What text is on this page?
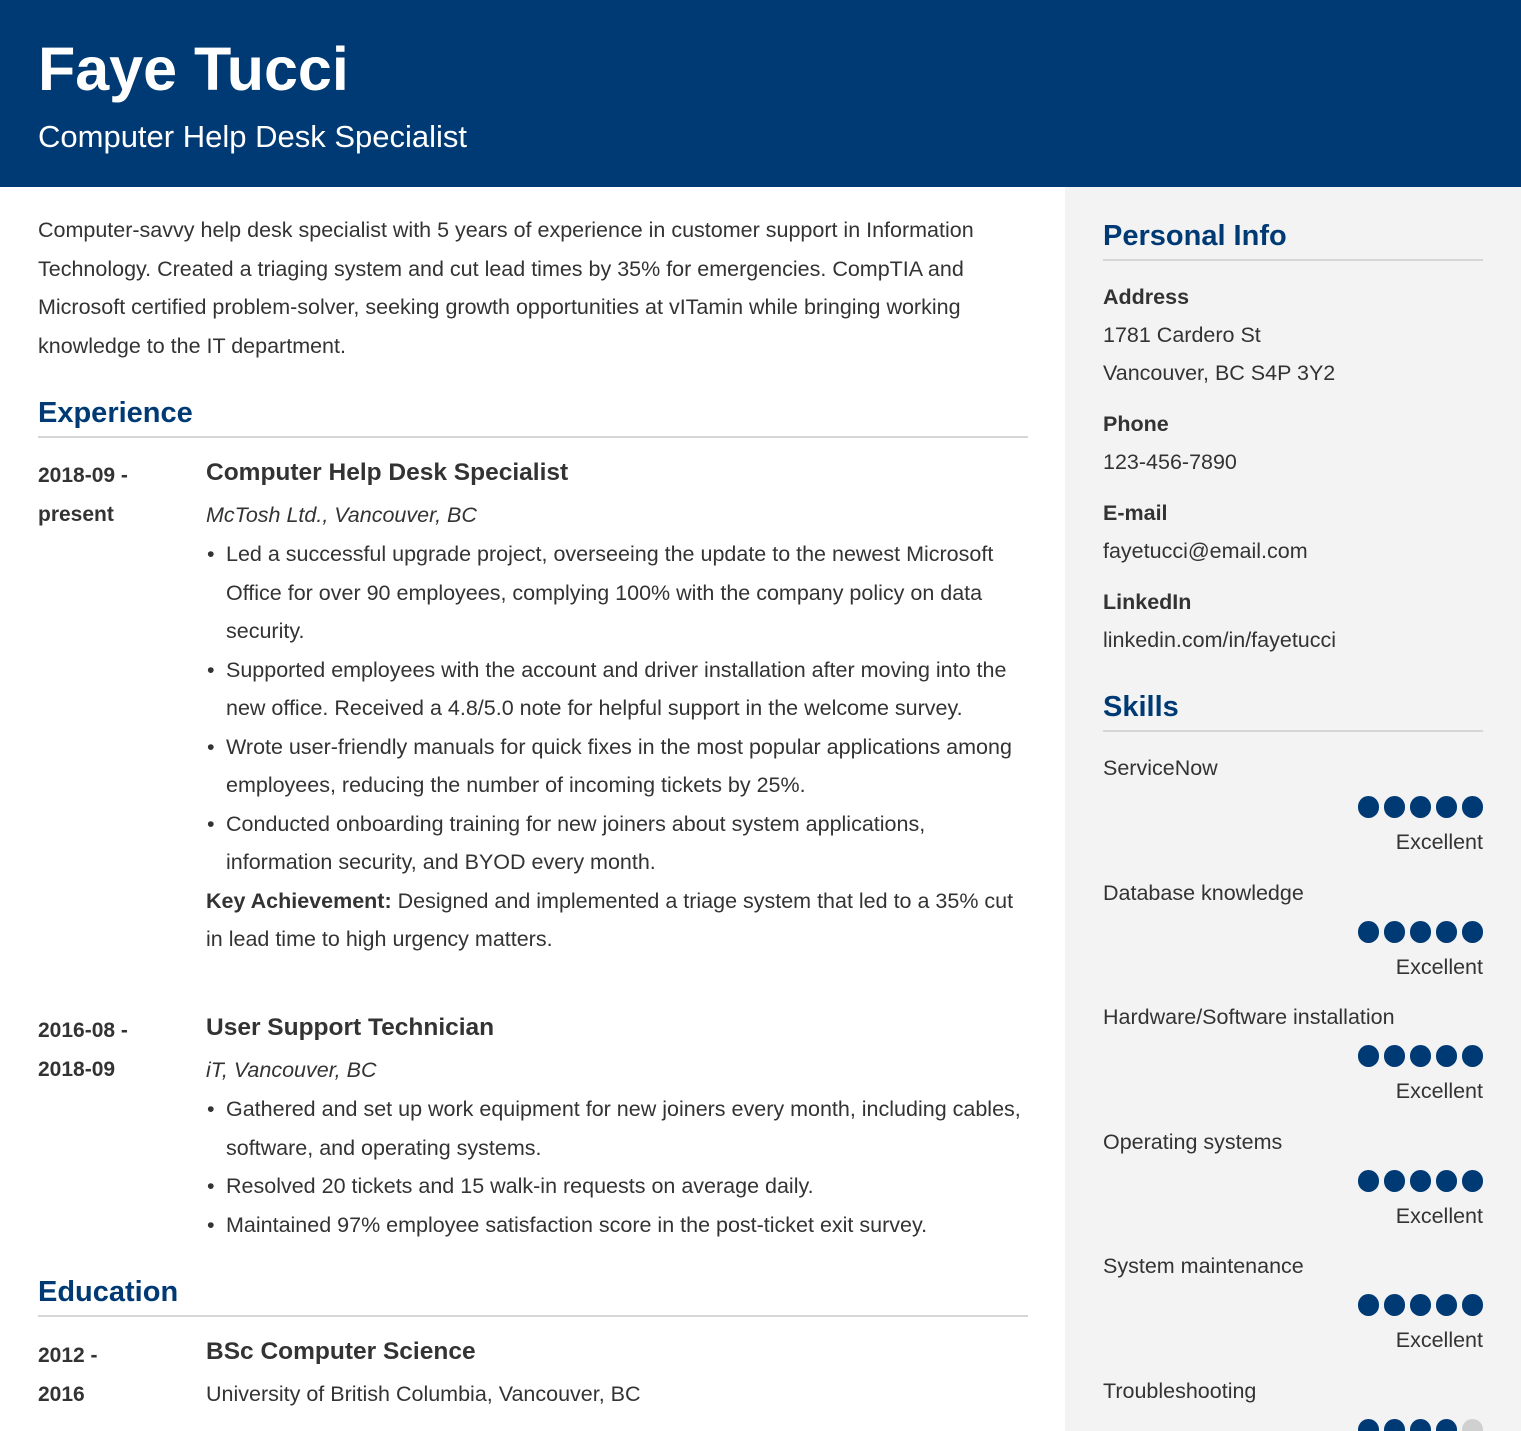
Faye Tucci
Computer Help Desk Specialist
Computer-savvy help desk specialist with 5 years of experience in customer support in Information Technology. Created a triaging system and cut lead times by 35% for emergencies. CompTIA and Microsoft certified problem-solver, seeking growth opportunities at vITamin while bringing working knowledge to the IT department.
Experience
2018-09 -
present
Computer Help Desk Specialist
McTosh Ltd., Vancouver, BC
• Led a successful upgrade project, overseeing the update to the newest Microsoft Office for over 90 employees, complying 100% with the company policy on data security.
• Supported employees with the account and driver installation after moving into the new office. Received a 4.8/5.0 note for helpful support in the welcome survey.
• Wrote user-friendly manuals for quick fixes in the most popular applications among employees, reducing the number of incoming tickets by 25%.
• Conducted onboarding training for new joiners about system applications, information security, and BYOD every month.
Key Achievement: Designed and implemented a triage system that led to a 35% cut in lead time to high urgency matters.
2016-08 -
2018-09
User Support Technician
iT, Vancouver, BC
• Gathered and set up work equipment for new joiners every month, including cables, software, and operating systems.
• Resolved 20 tickets and 15 walk-in requests on average daily.
• Maintained 97% employee satisfaction score in the post-ticket exit survey.
Education
2012 -
2016
BSc Computer Science
University of British Columbia, Vancouver, BC
Personal Info
Address
1781 Cardero St
Vancouver, BC S4P 3Y2
Phone
123-456-7890
E-mail
fayetucci@email.com
LinkedIn
linkedin.com/in/fayetucci
Skills
ServiceNow
Excellent
Database knowledge
Excellent
Hardware/Software installation
Excellent
Operating systems
Excellent
System maintenance
Excellent
Troubleshooting
